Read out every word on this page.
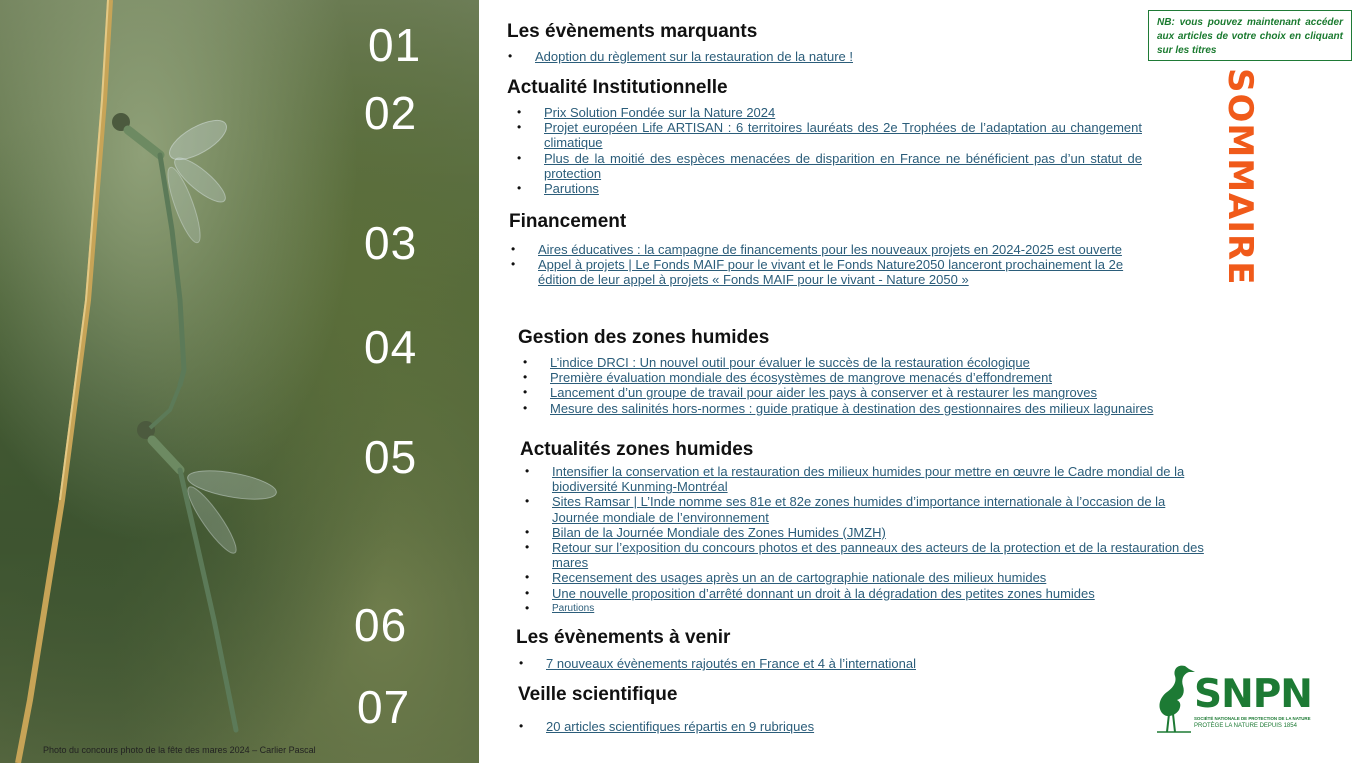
01
02
03
04
05
06
07
Photo du concours photo de la fête des mares 2024 – Carlier Pascal
Les évènements marquants
• Adoption du règlement sur la restauration de la nature !
Actualité Institutionnelle
• Prix Solution Fondée sur la Nature 2024
• Projet européen Life ARTISAN : 6 territoires lauréats des 2e Trophées de l’adaptation au changement climatique
• Plus de la moitié des espèces menacées de disparition en France ne bénéficient pas d’un statut de protection
• Parutions
Financement
• Aires éducatives : la campagne de financements pour les nouveaux projets en 2024-2025 est ouverte
• Appel à projets | Le Fonds MAIF pour le vivant et le Fonds Nature2050 lanceront prochainement la 2e édition de leur appel à projets « Fonds MAIF pour le vivant - Nature 2050 »
Gestion des zones humides
• L’indice DRCI : Un nouvel outil pour évaluer le succès de la restauration écologique
• Première évaluation mondiale des écosystèmes de mangrove menacés d’effondrement
• Lancement d’un groupe de travail pour aider les pays à conserver et à restaurer les mangroves
• Mesure des salinités hors-normes : guide pratique à destination des gestionnaires des milieux lagunaires
Actualités zones humides
• Intensifier la conservation et la restauration des milieux humides pour mettre en œuvre le Cadre mondial de la biodiversité Kunming-Montréal
• Sites Ramsar | L’Inde nomme ses 81e et 82e zones humides d’importance internationale à l’occasion de la Journée mondiale de l’environnement
• Bilan de la Journée Mondiale des Zones Humides (JMZH)
• Retour sur l’exposition du concours photos et des panneaux des acteurs de la protection et de la restauration des mares
• Recensement des usages après un an de cartographie nationale des milieux humides
• Une nouvelle proposition d’arrêté donnant un droit à la dégradation des petites zones humides
• Parutions
Les évènements à venir
• 7 nouveaux évènements rajoutés en France et 4 à l’international
Veille scientifique
• 20 articles scientifiques répartis en 9 rubriques
NB: vous pouvez maintenant accéder aux articles de votre choix en cliquant sur les titres
SOMMAIRE
SNPN
SOCIÉTÉ NATIONALE DE PROTECTION DE LA NATURE
PROTÈGE LA NATURE DEPUIS 1854
